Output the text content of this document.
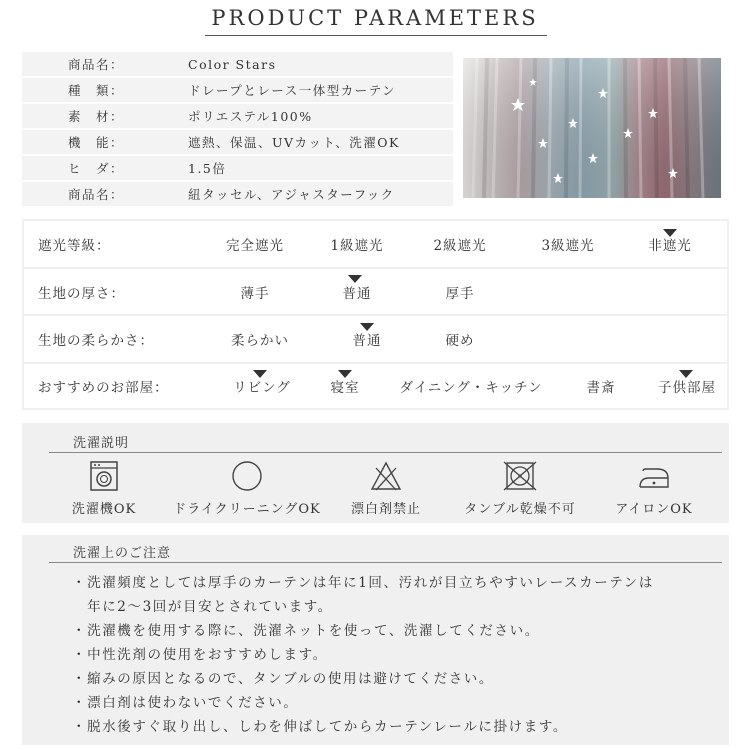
PRODUCT PARAMETERS
商品名：	Color Stars
種　類：	ドレープとレース一体型カーテン
素　材：	ポリエステル100%
機　能：	遮熱、保温、UVカット、洗濯OK
ヒ　ダ：	1.5倍
商品名：	紐タッセル、アジャスターフック
遮光等級：	完全遮光	1級遮光	2級遮光	3級遮光	非遮光
生地の厚さ：	薄手	普通	厚手
生地の柔らかさ：	柔らかい	普通	硬め
おすすめのお部屋：	リビング	寝室	ダイニング・キッチン	書斎	子供部屋
洗濯説明
洗濯機OK	ドライクリーニングOK 漂白剤禁止	タンブル乾燥不可	アイロンOK
洗濯上のご注意
・洗濯頻度としては厚手のカーテンは年に1回、汚れが目立ちやすいレースカーテンは
　年に2～3回が目安とされています。
・洗濯機を使用する際に、洗濯ネットを使って、洗濯してください。
・中性洗剤の使用をおすすめします。
・縮みの原因となるので、タンブルの使用は避けてください。
・漂白剤は使わないでください。
・脱水後すぐ取り出し、しわを伸ばしてからカーテンレールに掛けます。
